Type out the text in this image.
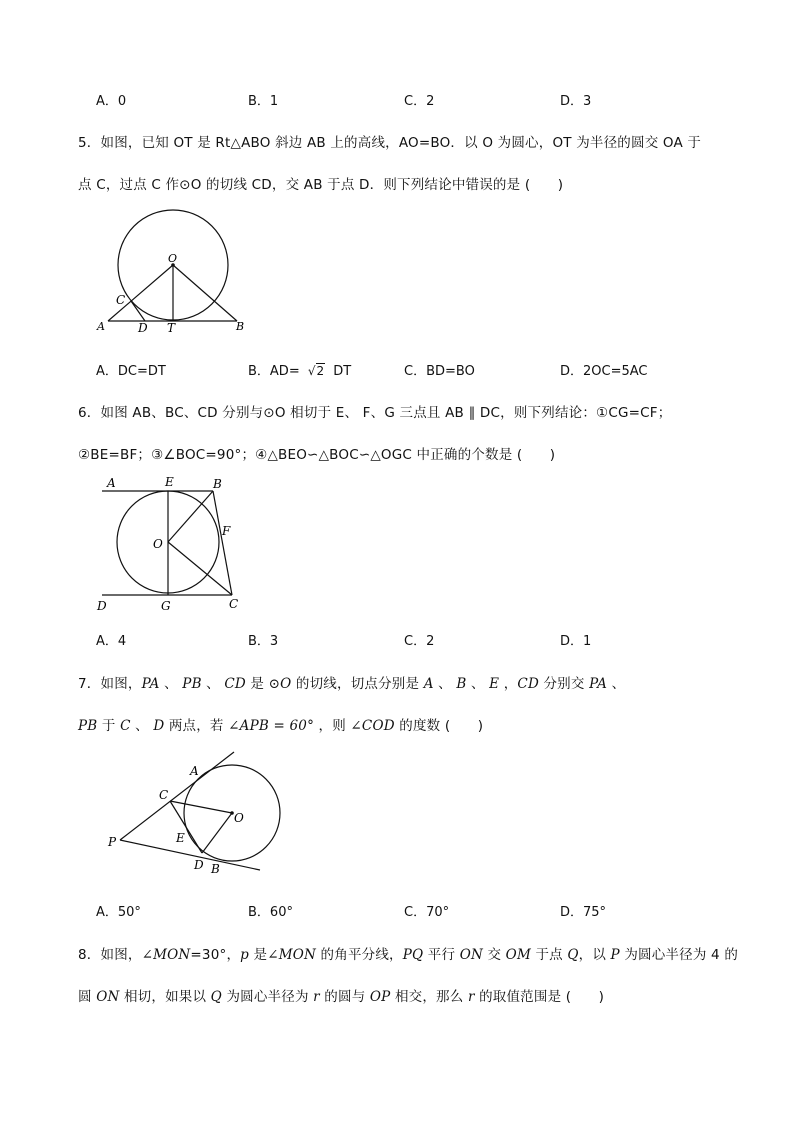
A．0	B．1	C．2	D．3
5．如图，已知 OT 是 Rt△ABO 斜边 AB 上的高线，AO=BO．以 O 为圆心，OT 为半径的圆交 OA 于
点 C，过点 C 作⊙O 的切线 CD，交 AB 于点 D．则下列结论中错误的是 (　　)
O
C
A	D T	B
A．DC=DT	B．AD= √2 DT	C．BD=BO	D．2OC=5AC
6．如图 AB、BC、CD 分别与⊙O 相切于 E、 F、G 三点且 AB ∥ DC，则下列结论：①CG=CF；
②BE=BF；③∠BOC=90°；④△BEO∽△BOC∽△OGC 中正确的个数是 (　　)
A	E	B
O
F
D	G	C
A．4	B．3	C．2	D．1
7．如图，PA 、 PB 、 CD 是 ⊙O 的切线，切点分别是 A 、 B 、 E ，CD 分别交 PA 、
PB 于 C 、 D 两点，若 ∠APB = 60° ，则 ∠COD 的度数 (　　)
A
C
O
P	E
D B
A．50°	B．60°	C．70°	D．75°
8．如图，∠MON=30°，p 是∠MON 的角平分线，PQ 平行 ON 交 OM 于点 Q，以 P 为圆心半径为 4 的
圆 ON 相切，如果以 Q 为圆心半径为 r 的圆与 OP 相交，那么 r 的取值范围是 (　　)
